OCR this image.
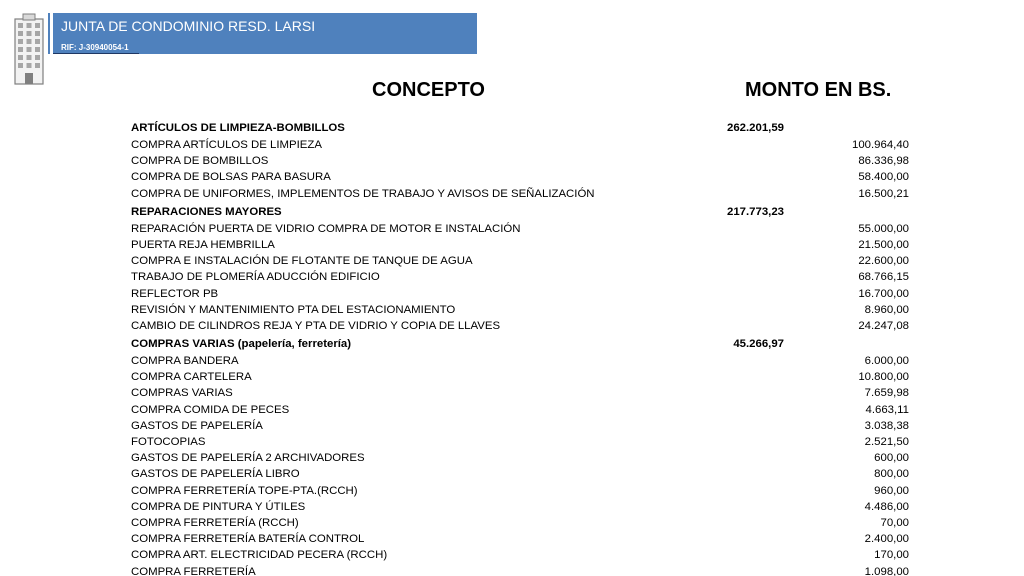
JUNTA DE CONDOMINIO RESD. LARSI
RIF: J-30940054-1
CONCEPTO	MONTO EN BS.
ARTÍCULOS DE LIMPIEZA-BOMBILLOS	262.201,59
COMPRA ARTÍCULOS DE LIMPIEZA	100.964,40
COMPRA DE BOMBILLOS	86.336,98
COMPRA DE BOLSAS PARA BASURA	58.400,00
COMPRA DE UNIFORMES, IMPLEMENTOS DE TRABAJO Y AVISOS DE SEÑALIZACIÓN	16.500,21
REPARACIONES MAYORES	217.773,23
REPARACIÓN PUERTA DE VIDRIO COMPRA DE MOTOR E INSTALACIÓN	55.000,00
PUERTA REJA HEMBRILLA	21.500,00
COMPRA E INSTALACIÓN DE FLOTANTE DE TANQUE DE AGUA	22.600,00
TRABAJO DE PLOMERÍA ADUCCIÓN EDIFICIO	68.766,15
REFLECTOR PB	16.700,00
REVISIÓN Y MANTENIMIENTO PTA DEL ESTACIONAMIENTO	8.960,00
CAMBIO DE CILINDROS REJA Y PTA DE VIDRIO Y COPIA DE LLAVES	24.247,08
COMPRAS VARIAS (papelería, ferretería)	45.266,97
COMPRA BANDERA	6.000,00
COMPRA CARTELERA	10.800,00
COMPRAS VARIAS	7.659,98
COMPRA COMIDA DE PECES	4.663,11
GASTOS DE PAPELERÍA	3.038,38
FOTOCOPIAS	2.521,50
GASTOS DE PAPELERÍA 2 ARCHIVADORES	600,00
GASTOS DE PAPELERÍA LIBRO	800,00
COMPRA FERRETERÍA TOPE-PTA.(RCCH)	960,00
COMPRA DE PINTURA Y ÚTILES	4.486,00
COMPRA FERRETERÍA (RCCH)	70,00
COMPRA FERRETERÍA BATERÍA CONTROL	2.400,00
COMPRA ART. ELECTRICIDAD PECERA (RCCH)	170,00
COMPRA FERRETERÍA	1.098,00
